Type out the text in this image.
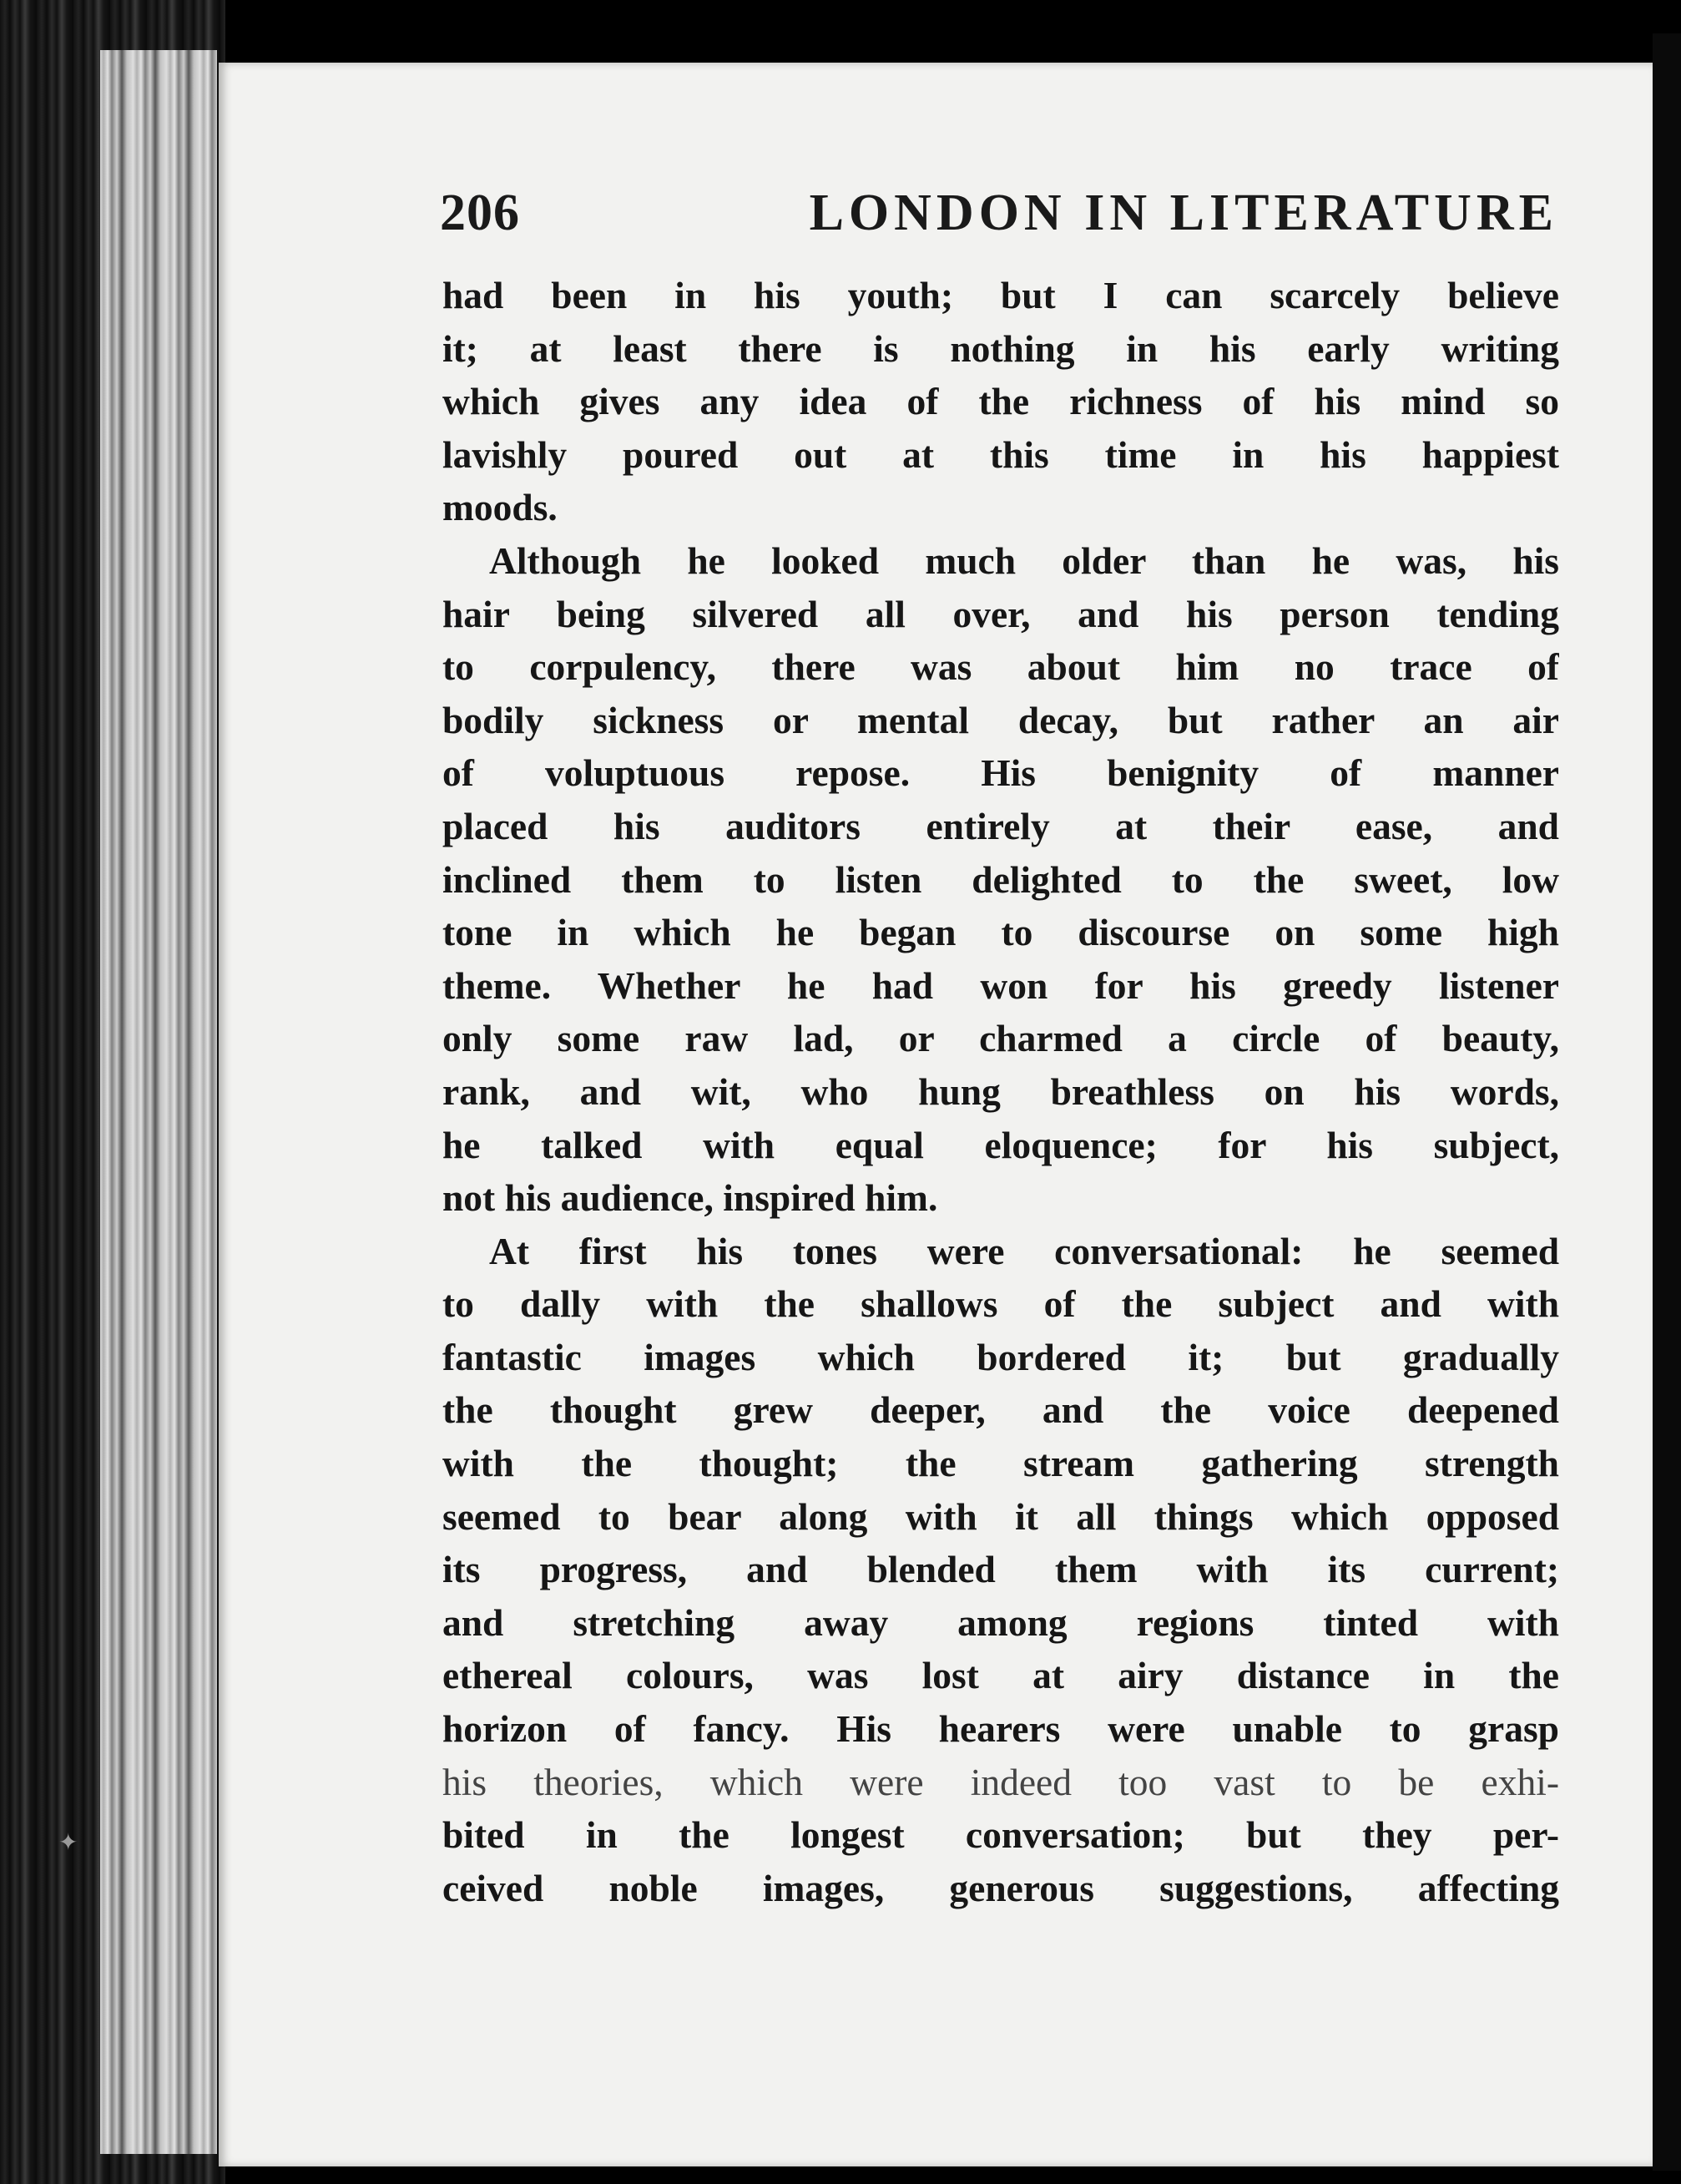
✦
206	LONDON IN LITERATURE
had been in his youth; but I can scarcely believe
it; at least there is nothing in his early writing
which gives any idea of the richness of his mind so
lavishly poured out at this time in his happiest
moods.
Although he looked much older than he was, his
hair being silvered all over, and his person tending
to corpulency, there was about him no trace of
bodily sickness or mental decay, but rather an air
of voluptuous repose. His benignity of manner
placed his auditors entirely at their ease, and
inclined them to listen delighted to the sweet, low
tone in which he began to discourse on some high
theme. Whether he had won for his greedy listener
only some raw lad, or charmed a circle of beauty,
rank, and wit, who hung breathless on his words,
he talked with equal eloquence; for his subject,
not his audience, inspired him.
At first his tones were conversational: he seemed
to dally with the shallows of the subject and with
fantastic images which bordered it; but gradually
the thought grew deeper, and the voice deepened
with the thought; the stream gathering strength
seemed to bear along with it all things which opposed
its progress, and blended them with its current;
and stretching away among regions tinted with
ethereal colours, was lost at airy distance in the
horizon of fancy. His hearers were unable to grasp
his theories, which were indeed too vast to be exhi-
bited in the longest conversation; but they per-
ceived noble images, generous suggestions, affecting
